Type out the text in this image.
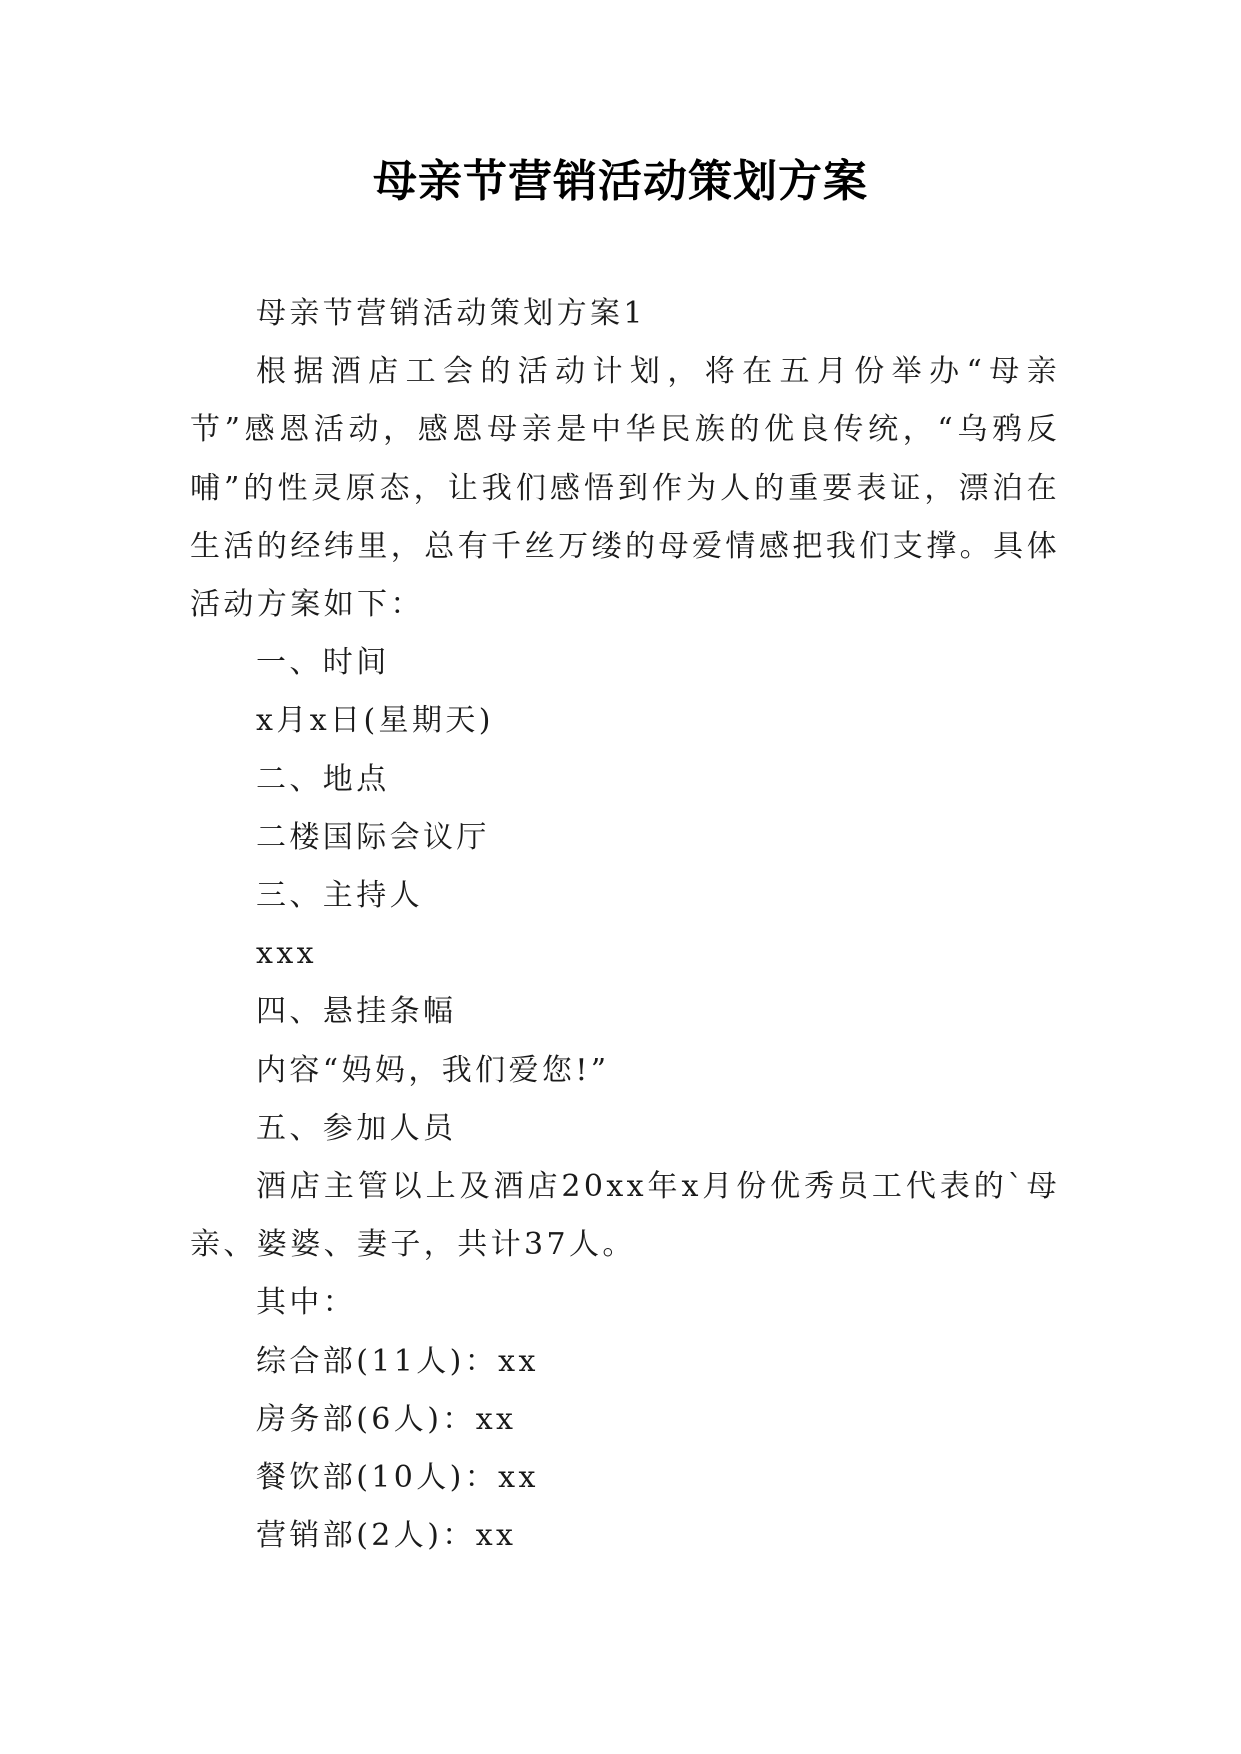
母亲节营销活动策划方案

母亲节营销活动策划方案1

根据酒店工会的活动计划，将在五月份举办“母亲节”感恩活动，感恩母亲是中华民族的优良传统，“乌鸦反哺”的性灵原态，让我们感悟到作为人的重要表证，漂泊在生活的经纬里，总有千丝万缕的母爱情感把我们支撑。具体活动方案如下：

一、时间

x月x日(星期天)

二、地点

二楼国际会议厅

三、主持人

xxx

四、悬挂条幅

内容“妈妈，我们爱您!”

五、参加人员

酒店主管以上及酒店20xx年x月份优秀员工代表的`母亲、婆婆、妻子，共计37人。

其中：

综合部(11人)：xx

房务部(6人)：xx

餐饮部(10人)：xx

营销部(2人)：xx
